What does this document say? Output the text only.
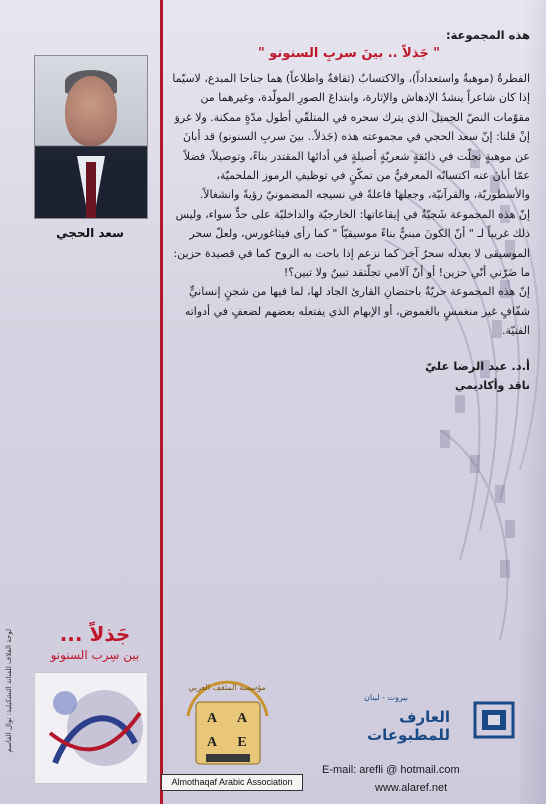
سعد الحجي
جَذلاً ...
بين سِرب السنونو
لوحة الغلاف للفنانة التشكيلية: نوال القاسم

هذه المجموعة:

" جَذلاً .. بينَ سربِ السنونو "

الفطرةُ (موهبةٌ واستعداداً)، والاكتسابُ (ثقافةٌ واطلاعاً) هما جناحا المبدع، لاسيّما إذا كان شاعراً ينشدُ الإدهاش والإثارة، وابتداعَ الصورِ المولّدة، وغيرهما من مقوّمات النصّ الجميل الذي يترك سحره في المتلقّي أطول مدّةٍ ممكنة. ولا غروَ إنْ قلنا: إنّ سعد الحجي في مجموعته هذه (جَذلاً.. بينَ سربِ السنونو) قد أبانَ عن موهبةٍ تجلّت في ذائقةٍ شعريّةٍ أصيلةٍ في أدائها المقتدر بناءً، وتوصيلاً، فضلاً عمّا أبانَ عنه اكتسابُه المعرفيُّ من تمكّنٍ في توظيفِ الرموز الملحميّة، والأسطوريّة، والقرآنيّة، وجعلها فاعلةً في نسيجه المضمونيّ رؤيةً وانشغالاً.

إنّ هذه المجموعة شَجيّةٌ في إيقاعاتها: الخارجيّة والداخليّة على حدٍّ سواء، وليس ذلك غريباً لـ " أنّ الكونَ مبنيٌّ بناءً موسيقيّاً " كما رأى فيثاغورس، ولعلّ سحر الموسيقى لا يعدله سحرٌ آخر كما نزعم إذا باحت به الروح كما في قصيدة حزين: ما ضَرّني أنّي حزين! أو أنّ آلامي تجلّتقد تبينُ ولا تبين؟!

إنّ هذه المجموعة حريّةٌ باحتضانِ القارئ الجاد لها، لما فيها من شجنٍ إنسانيٍّ شفّافٍ غير منغمسٍ بالغموض، أو الإبهام الذي يفتعله بعضهم لضعفٍ في أدواته الفنيّة.

أ.د. عبد الرضا عليّ
ناقد وأكاديمي
مؤسسة المثقف العربي
A A
A E
Almothaqaf Arabic Association
بيروت - لبنان
العارف للمطبوعات
E-mail: arefli @ hotmail.com
www.alaref.net
